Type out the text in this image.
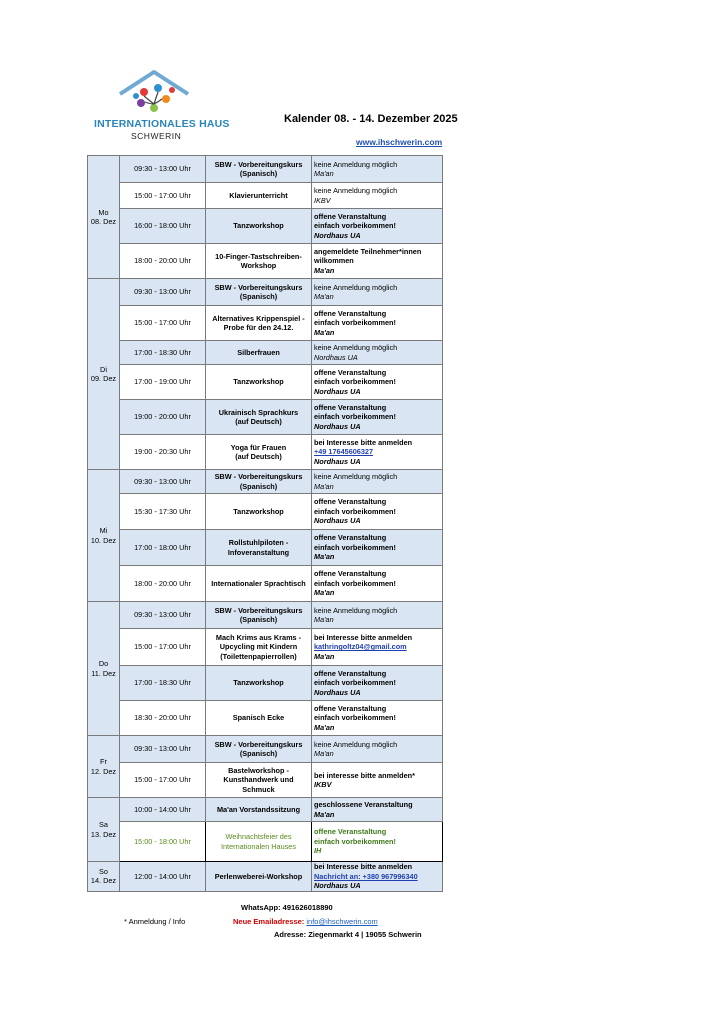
INTERNATIONALES HAUS
SCHWERIN
Kalender 08. - 14. Dezember 2025
www.ihschwerin.com
Mo
08. Dez	09:30 - 13:00 Uhr	SBW - Vorbereitungskurs
(Spanisch)	keine Anmeldung möglich
Ma'an

	15:00 - 17:00 Uhr	Klavierunterricht	keine Anmeldung möglich
IKBV

	16:00 - 18:00 Uhr	Tanzworkshop	offene Veranstaltung
einfach vorbeikommen!
Nordhaus UA

	18:00 - 20:00 Uhr	10-Finger-Tastschreiben-
Workshop	angemeldete Teilnehmer*innen
wilkommen
Ma'an

Di
09. Dez	09:30 - 13:00 Uhr	SBW - Vorbereitungskurs
(Spanisch)	keine Anmeldung möglich
Ma'an

	15:00 - 17:00 Uhr	Alternatives Krippenspiel -
Probe für den 24.12.	offene Veranstaltung
einfach vorbeikommen!
Ma'an

	17:00 - 18:30 Uhr	Silberfrauen	keine Anmeldung möglich
Nordhaus UA

	17:00 - 19:00 Uhr	Tanzworkshop	offene Veranstaltung
einfach vorbeikommen!
Nordhaus UA

	19:00 - 20:00 Uhr	Ukrainisch Sprachkurs
(auf Deutsch)	offene Veranstaltung
einfach vorbeikommen!
Nordhaus UA

	19:00 - 20:30 Uhr	Yoga für Frauen
(auf Deutsch)	bei Interesse bitte anmelden
+49 17645606327
Nordhaus UA

Mi
10. Dez	09:30 - 13:00 Uhr	SBW - Vorbereitungskurs
(Spanisch)	keine Anmeldung möglich
Ma'an

	15:30 - 17:30 Uhr	Tanzworkshop	offene Veranstaltung
einfach vorbeikommen!
Nordhaus UA

	17:00 - 18:00 Uhr	Rollstuhlpiloten -
Infoveranstaltung	offene Veranstaltung
einfach vorbeikommen!
Ma'an

	18:00 - 20:00 Uhr	Internationaler Sprachtisch	offene Veranstaltung
einfach vorbeikommen!
Ma'an

Do
11. Dez	09:30 - 13:00 Uhr	SBW - Vorbereitungskurs
(Spanisch)	keine Anmeldung möglich
Ma'an

	15:00 - 17:00 Uhr	Mach Krims aus Krams -
Upcycling mit Kindern
(Toilettenpapierrollen)	bei Interesse bitte anmelden
kathringoltz04@gmail.com
Ma'an

	17:00 - 18:30 Uhr	Tanzworkshop	offene Veranstaltung
einfach vorbeikommen!
Nordhaus UA

	18:30 - 20:00 Uhr	Spanisch Ecke	offene Veranstaltung
einfach vorbeikommen!
Ma'an

Fr
12. Dez	09:30 - 13:00 Uhr	SBW - Vorbereitungskurs
(Spanisch)	keine Anmeldung möglich
Ma'an

	15:00 - 17:00 Uhr	Bastelworkshop -
Kunsthandwerk und
Schmuck	bei interesse bitte anmelden*
IKBV

Sa
13. Dez	10:00 - 14:00 Uhr	Ma'an Vorstandssitzung	geschlossene Veranstaltung
Ma'an

	15:00 - 18:00 Uhr	Weihnachtsfeier des
Internationalen Hauses	offene Veranstaltung
einfach vorbeikommen!
IH

So
14. Dez	12:00 - 14:00 Uhr	Perlenweberei-Workshop	bei Interesse bitte anmelden
Nachricht an: +380 967996340
Nordhaus UA
WhatsApp: 491626018890
* Anmeldung / Info	Neue Emailadresse: info@ihschwerin.com
Adresse: Ziegenmarkt 4 | 19055 Schwerin
